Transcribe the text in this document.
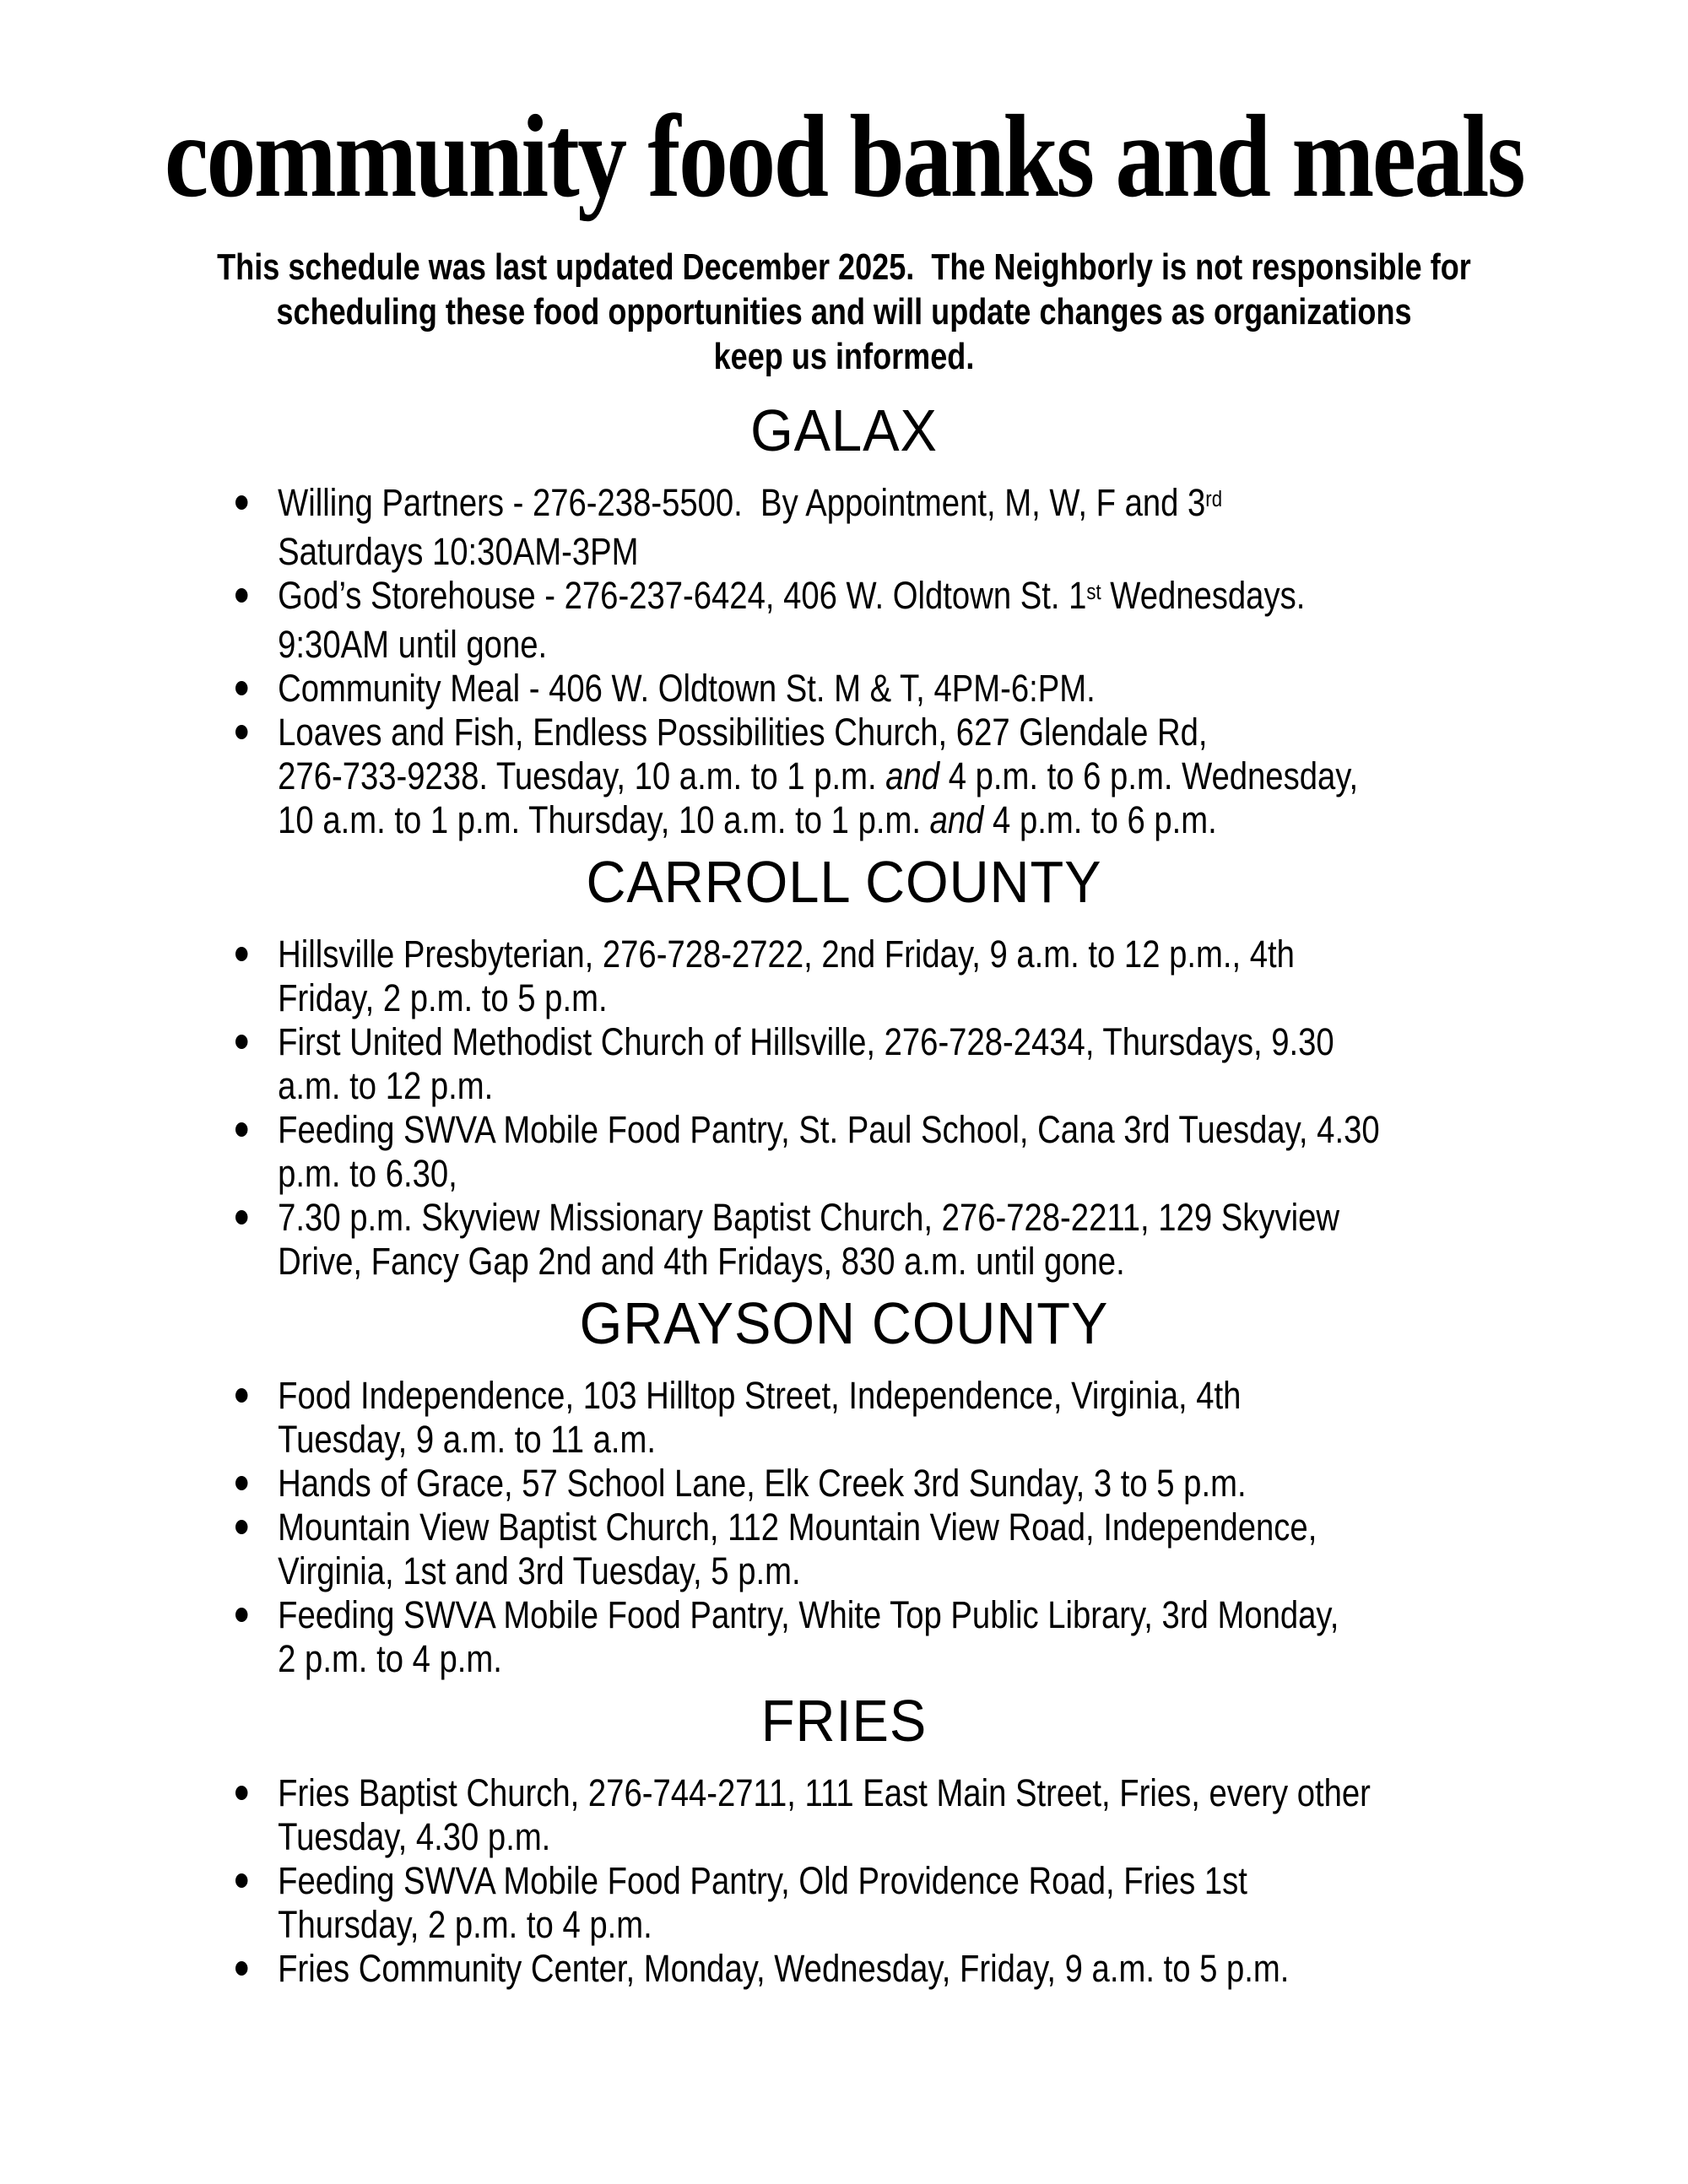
community food banks and meals
This schedule was last updated December 2025.  The Neighborly is not responsible for
scheduling these food opportunities and will update changes as organizations
keep us informed.
GALAX
Willing Partners - 276-238-5500.  By Appointment, M, W, F and 3rd
Saturdays 10:30AM-3PM
God’s Storehouse - 276-237-6424, 406 W. Oldtown St. 1st Wednesdays.
9:30AM until gone.
Community Meal - 406 W. Oldtown St. M & T, 4PM-6:PM.
Loaves and Fish, Endless Possibilities Church, 627 Glendale Rd,
276-733-9238. Tuesday, 10 a.m. to 1 p.m. and 4 p.m. to 6 p.m. Wednesday,
10 a.m. to 1 p.m. Thursday, 10 a.m. to 1 p.m. and 4 p.m. to 6 p.m.
CARROLL COUNTY
Hillsville Presbyterian, 276-728-2722, 2nd Friday, 9 a.m. to 12 p.m., 4th
Friday, 2 p.m. to 5 p.m.
First United Methodist Church of Hillsville, 276-728-2434, Thursdays, 9.30
a.m. to 12 p.m.
Feeding SWVA Mobile Food Pantry, St. Paul School, Cana 3rd Tuesday, 4.30
p.m. to 6.30,
7.30 p.m. Skyview Missionary Baptist Church, 276-728-2211, 129 Skyview
Drive, Fancy Gap 2nd and 4th Fridays, 830 a.m. until gone.
GRAYSON COUNTY
Food Independence, 103 Hilltop Street, Independence, Virginia, 4th
Tuesday, 9 a.m. to 11 a.m.
Hands of Grace, 57 School Lane, Elk Creek 3rd Sunday, 3 to 5 p.m.
Mountain View Baptist Church, 112 Mountain View Road, Independence,
Virginia, 1st and 3rd Tuesday, 5 p.m.
Feeding SWVA Mobile Food Pantry, White Top Public Library, 3rd Monday,
2 p.m. to 4 p.m.
FRIES
Fries Baptist Church, 276-744-2711, 111 East Main Street, Fries, every other
Tuesday, 4.30 p.m.
Feeding SWVA Mobile Food Pantry, Old Providence Road, Fries 1st
Thursday, 2 p.m. to 4 p.m.
Fries Community Center, Monday, Wednesday, Friday, 9 a.m. to 5 p.m.
